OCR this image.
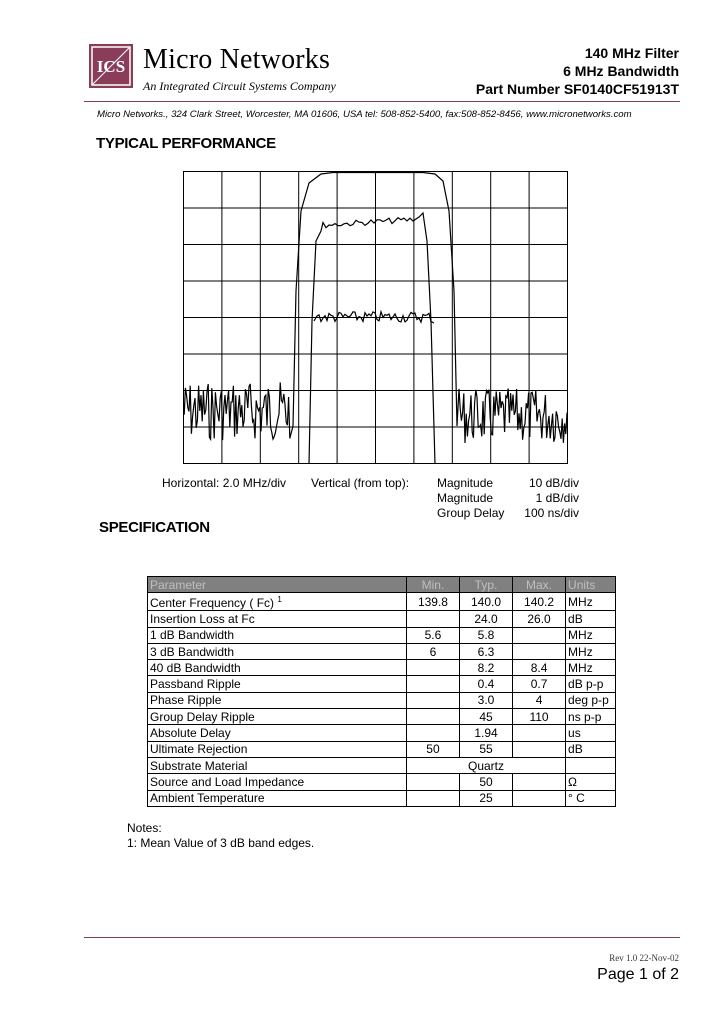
ICS Micro Networks
An Integrated Circuit Systems Company
140 MHz Filter
6 MHz Bandwidth
Part Number SF0140CF51913T
Micro Networks., 324 Clark Street, Worcester, MA 01606, USA tel: 508-852-5400, fax:508-852-8456, www.micronetworks.com
TYPICAL PERFORMANCE
Horizontal: 2.0 MHz/div Vertical (from top): Magnitude
Magnitude
Group Delay
10 dB/div
1 dB/div
100 ns/div
SPECIFICATION
Parameter	Min.	Typ.	Max.	Units
Center Frequency ( Fc) $^1$	139.8	140.0	140.2	MHz
Insertion Loss at Fc		24.0	26.0	dB
1 dB Bandwidth	5.6	5.8		MHz
3 dB Bandwidth	6	6.3		MHz
40 dB Bandwidth		8.2	8.4	MHz
Passband Ripple		0.4	0.7	dB p-p
Phase Ripple		3.0	4	deg p-p
Group Delay Ripple		45	110	ns p-p
Absolute Delay		1.94		us
Ultimate Rejection	50	55		dB
Substrate Material	Quartz			
Source and Load Impedance		50		Ω
Ambient Temperature		25		° C
Notes:
1: Mean Value of 3 dB band edges.
Rev 1.0 22-Nov-02
Page 1 of 2
